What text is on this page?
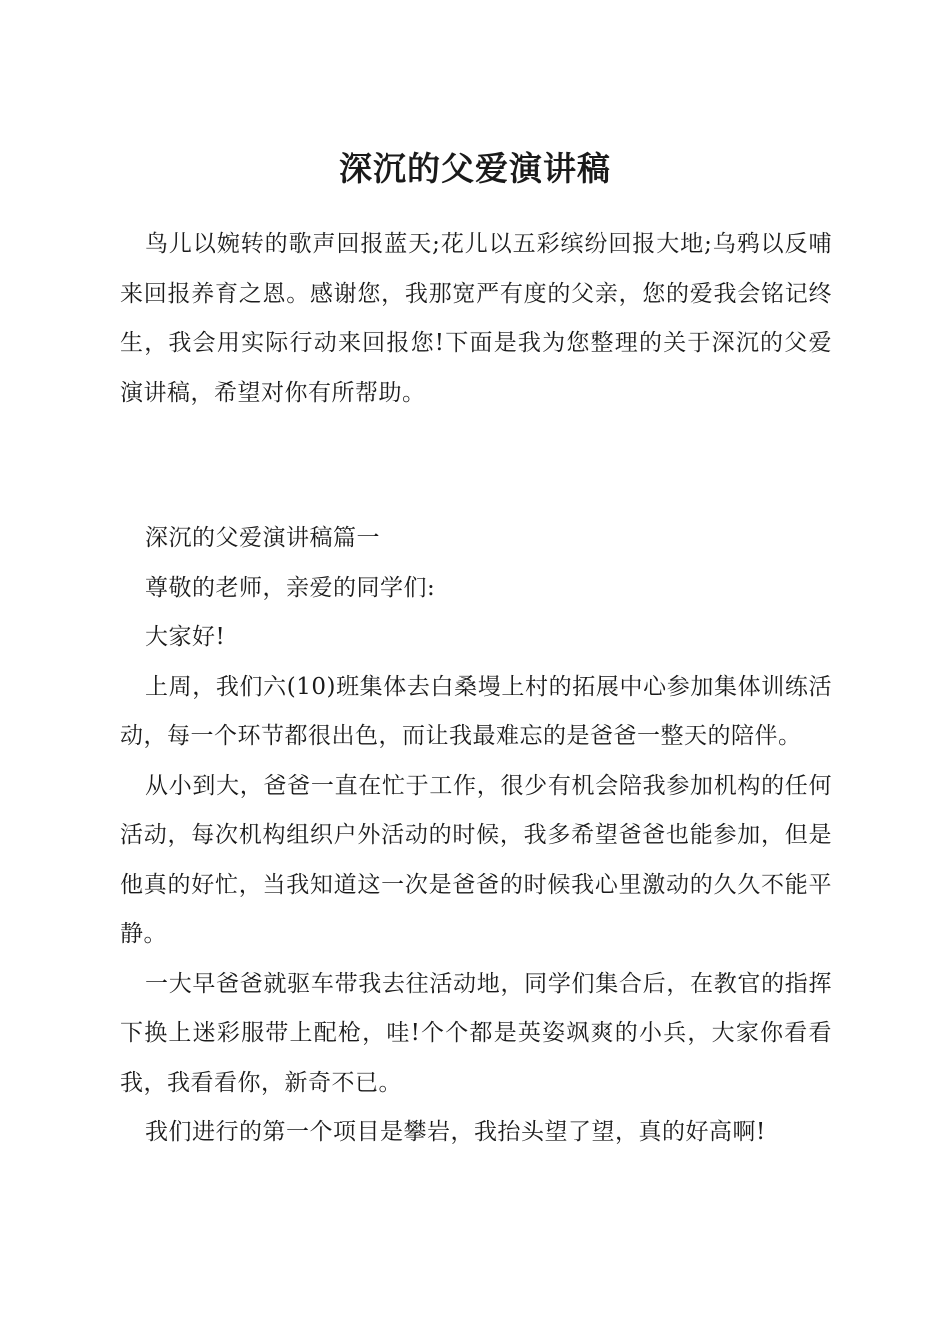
深沉的父爱演讲稿

鸟儿以婉转的歌声回报蓝天;花儿以五彩缤纷回报大地;乌鸦以反哺来回报养育之恩。感谢您，我那宽严有度的父亲，您的爱我会铭记终生，我会用实际行动来回报您!下面是我为您整理的关于深沉的父爱演讲稿，希望对你有所帮助。

深沉的父爱演讲稿篇一

尊敬的老师，亲爱的同学们:

大家好!

上周，我们六(10)班集体去白桑墁上村的拓展中心参加集体训练活动，每一个环节都很出色，而让我最难忘的是爸爸一整天的陪伴。

从小到大，爸爸一直在忙于工作，很少有机会陪我参加机构的任何活动，每次机构组织户外活动的时候，我多希望爸爸也能参加，但是他真的好忙，当我知道这一次是爸爸的时候我心里激动的久久不能平静。

一大早爸爸就驱车带我去往活动地，同学们集合后，在教官的指挥下换上迷彩服带上配枪，哇!个个都是英姿飒爽的小兵，大家你看看我，我看看你，新奇不已。

我们进行的第一个项目是攀岩，我抬头望了望，真的好高啊!
